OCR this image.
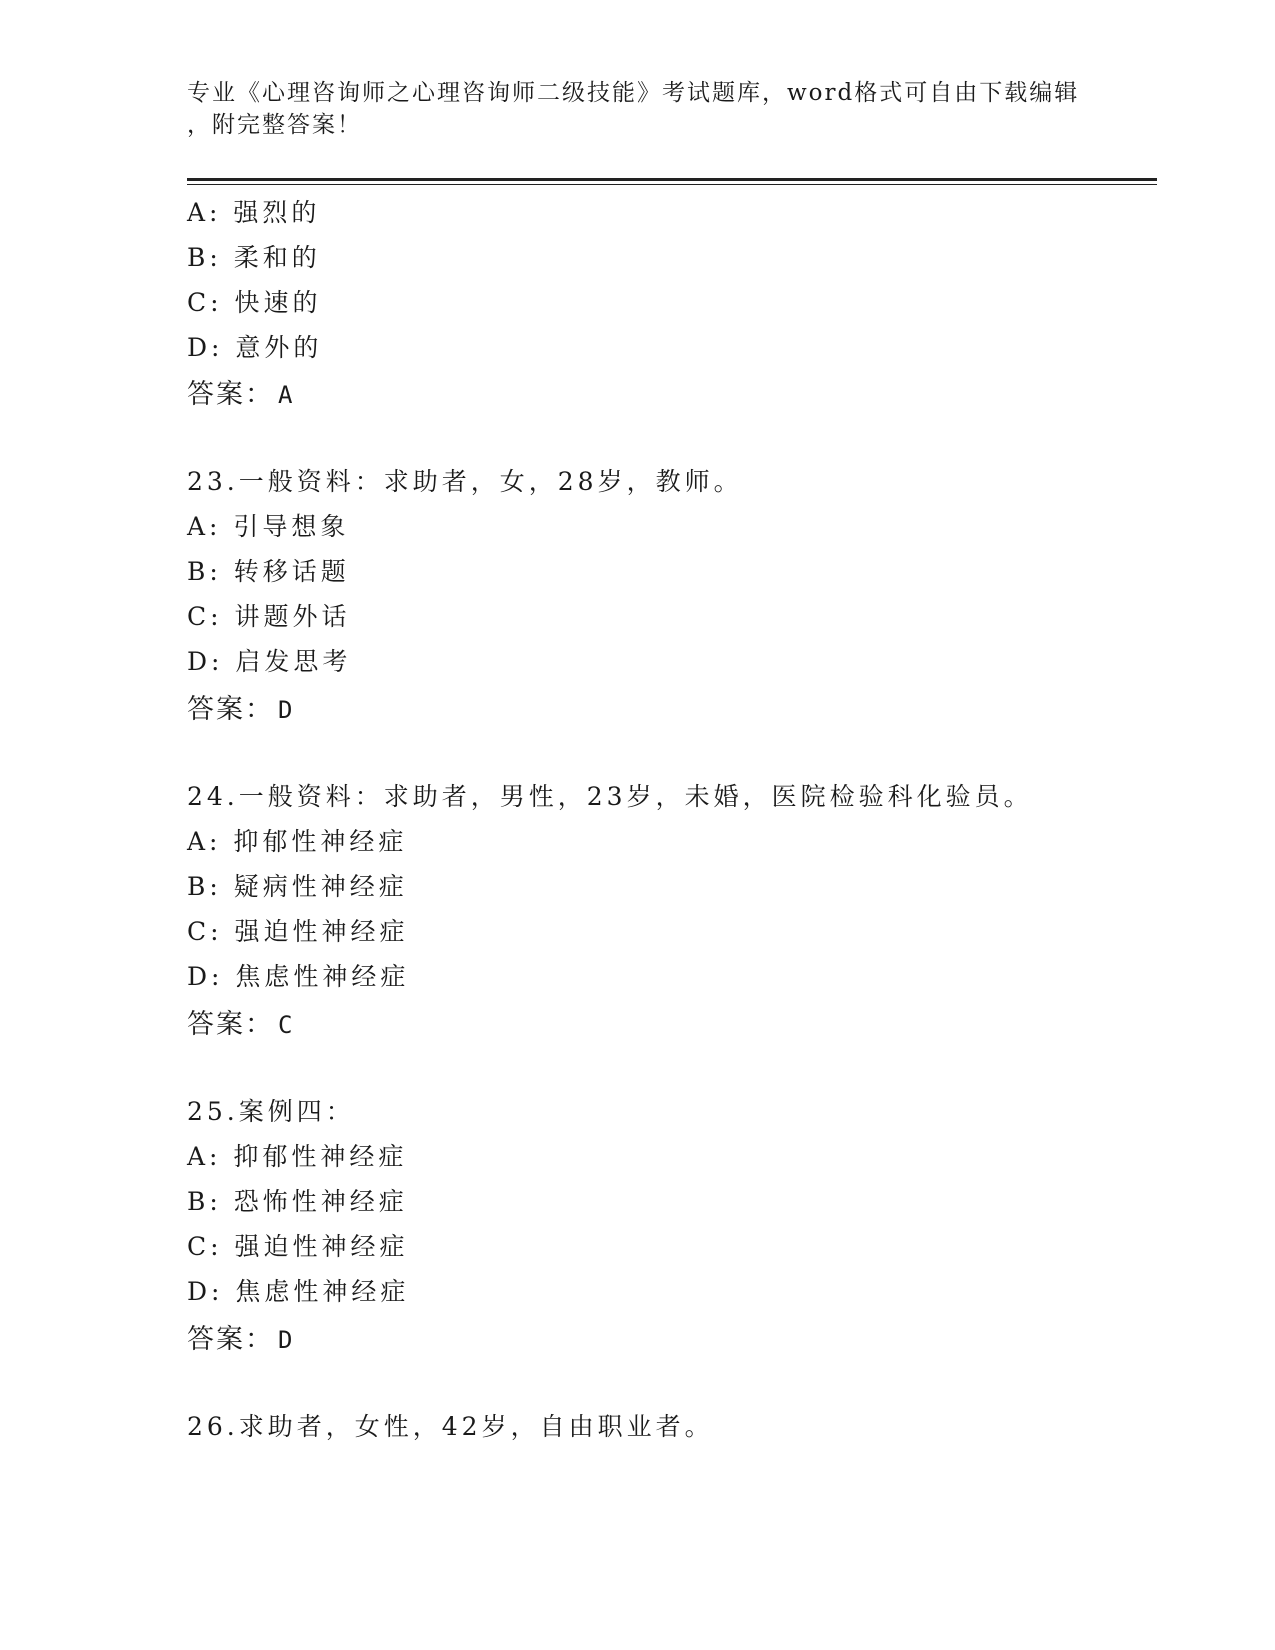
专业《心理咨询师之心理咨询师二级技能》考试题库，word格式可自由下载编辑
，附完整答案！
A: 强烈的
B: 柔和的
C: 快速的
D: 意外的
答案： A
23.一般资料：求助者，女，28岁，教师。
A: 引导想象
B: 转移话题
C: 讲题外话
D: 启发思考
答案： D
24.一般资料：求助者，男性，23岁，未婚，医院检验科化验员。
A: 抑郁性神经症
B: 疑病性神经症
C: 强迫性神经症
D: 焦虑性神经症
答案： C
25.案例四：
A: 抑郁性神经症
B: 恐怖性神经症
C: 强迫性神经症
D: 焦虑性神经症
答案： D
26.求助者，女性，42岁，自由职业者。
